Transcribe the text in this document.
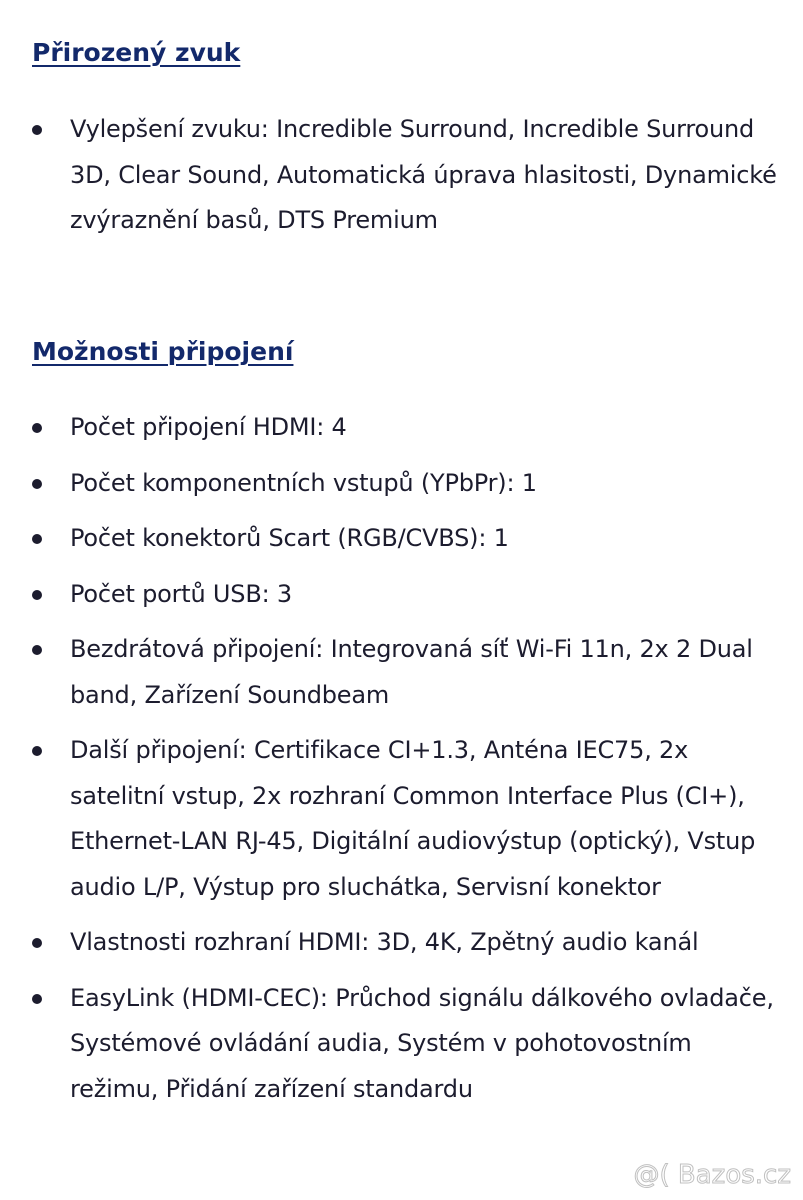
Přirozený zvuk
Vylepšení zvuku: Incredible Surround, Incredible Surround 3D, Clear Sound, Automatická úprava hlasitosti, Dynamické zvýraznění basů, DTS Premium
Možnosti připojení
Počet připojení HDMI: 4
Počet komponentních vstupů (YPbPr): 1
Počet konektorů Scart (RGB/CVBS): 1
Počet portů USB: 3
Bezdrátová připojení: Integrovaná síť Wi-Fi 11n, 2x 2 Dual band, Zařízení Soundbeam
Další připojení: Certifikace CI+1.3, Anténa IEC75, 2x satelitní vstup, 2x rozhraní Common Interface Plus (CI+), Ethernet-LAN RJ-45, Digitální audiovýstup (optický), Vstup audio L/P, Výstup pro sluchátka, Servisní konektor
Vlastnosti rozhraní HDMI: 3D, 4K, Zpětný audio kanál
EasyLink (HDMI-CEC): Průchod signálu dálkového ovladače, Systémové ovládání audia, Systém v pohotovostním režimu, Přidání zařízení standardu
@( Bazos.cz
